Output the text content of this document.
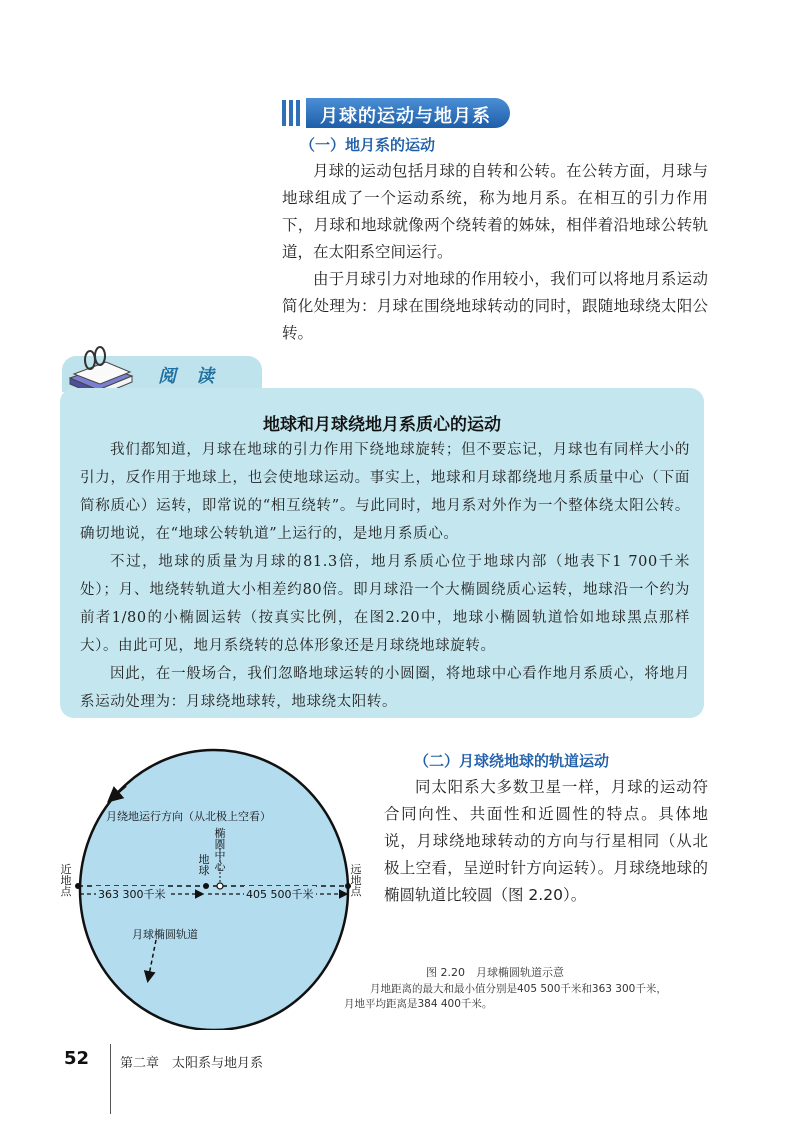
月球的运动与地月系
（一）地月系的运动

月球的运动包括月球的自转和公转。在公转方面，月球与地球组成了一个运动系统，称为地月系。在相互的引力作用下，月球和地球就像两个绕转着的姊妹，相伴着沿地球公转轨道，在太阳系空间运行。

由于月球引力对地球的作用较小，我们可以将地月系运动简化处理为：月球在围绕地球转动的同时，跟随地球绕太阳公转。

阅读
地球和月球绕地月系质心的运动

我们都知道，月球在地球的引力作用下绕地球旋转；但不要忘记，月球也有同样大小的引力，反作用于地球上，也会使地球运动。事实上，地球和月球都绕地月系质量中心（下面简称质心）运转，即常说的“相互绕转”。与此同时，地月系对外作为一个整体绕太阳公转。确切地说，在“地球公转轨道”上运行的，是地月系质心。

不过，地球的质量为月球的81.3倍，地月系质心位于地球内部（地表下1 700千米处）；月、地绕转轨道大小相差约80倍。即月球沿一个大椭圆绕质心运转，地球沿一个约为前者1/80的小椭圆运转（按真实比例，在图2.20中，地球小椭圆轨道恰如地球黑点那样大）。由此可见，地月系绕转的总体形象还是月球绕地球旋转。

因此，在一般场合，我们忽略地球运转的小圆圈，将地球中心看作地月系质心，将地月系运动处理为：月球绕地球转，地球绕太阳转。

（二）月球绕地球的轨道运动

同太阳系大多数卫星一样，月球的运动符合同向性、共面性和近圆性的特点。具体地说，月球绕地球转动的方向与行星相同（从北极上空看，呈逆时针方向运转）。月球绕地球的椭圆轨道比较圆（图 2.20）。

月绕地运行方向（从北极上空看）
椭圆中心
地球
近地点
远地点
363 300千米	405 500千米
月球椭圆轨道
图 2.20　月球椭圆轨道示意

月地距离的最大和最小值分别是405 500千米和363 300千米，月地平均距离是384 400千米。

52 第二章　太阳系与地月系
